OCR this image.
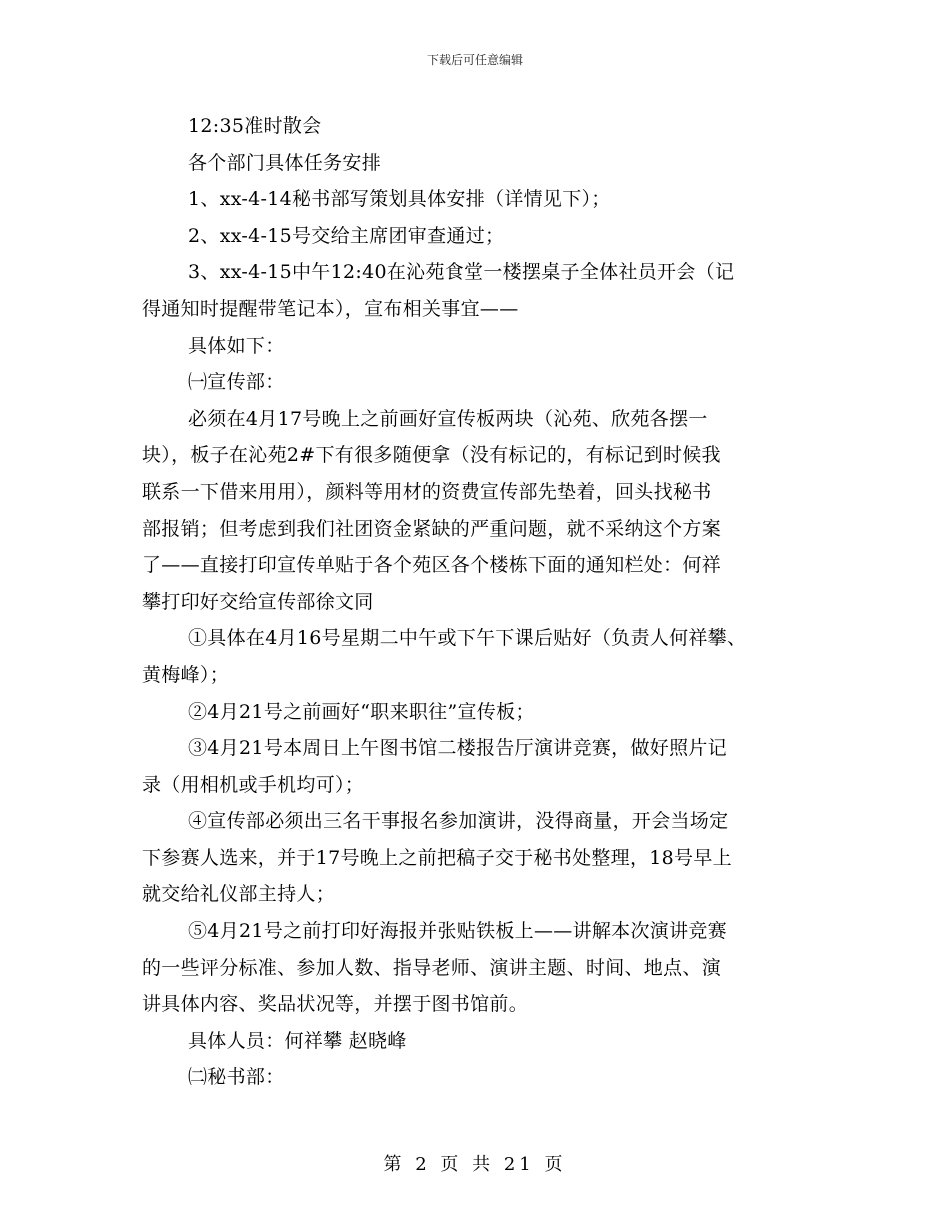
下载后可任意编辑
12:35准时散会
各个部门具体任务安排
1、xx-4-14秘书部写策划具体安排（详情见下）；
2、xx-4-15号交给主席团审查通过；
3、xx-4-15中午12:40在沁苑食堂一楼摆桌子全体社员开会（记
得通知时提醒带笔记本），宣布相关事宜——
具体如下：
㈠宣传部：
必须在4月17号晚上之前画好宣传板两块（沁苑、欣苑各摆一
块），板子在沁苑2#下有很多随便拿（没有标记的，有标记到时候我
联系一下借来用用），颜料等用材的资费宣传部先垫着，回头找秘书
部报销；但考虑到我们社团资金紧缺的严重问题，就不采纳这个方案
了——直接打印宣传单贴于各个苑区各个楼栋下面的通知栏处：何祥
攀打印好交给宣传部徐文同
①具体在4月16号星期二中午或下午下课后贴好（负责人何祥攀、
黄梅峰）；
②4月21号之前画好“职来职往”宣传板；
③4月21号本周日上午图书馆二楼报告厅演讲竞赛，做好照片记
录（用相机或手机均可）；
④宣传部必须出三名干事报名参加演讲，没得商量，开会当场定
下参赛人选来，并于17号晚上之前把稿子交于秘书处整理，18号早上
就交给礼仪部主持人；
⑤4月21号之前打印好海报并张贴铁板上——讲解本次演讲竞赛
的一些评分标准、参加人数、指导老师、演讲主题、时间、地点、演
讲具体内容、奖品状况等，并摆于图书馆前。
具体人员：何祥攀 赵晓峰
㈡秘书部：
第 2 页 共 21 页
